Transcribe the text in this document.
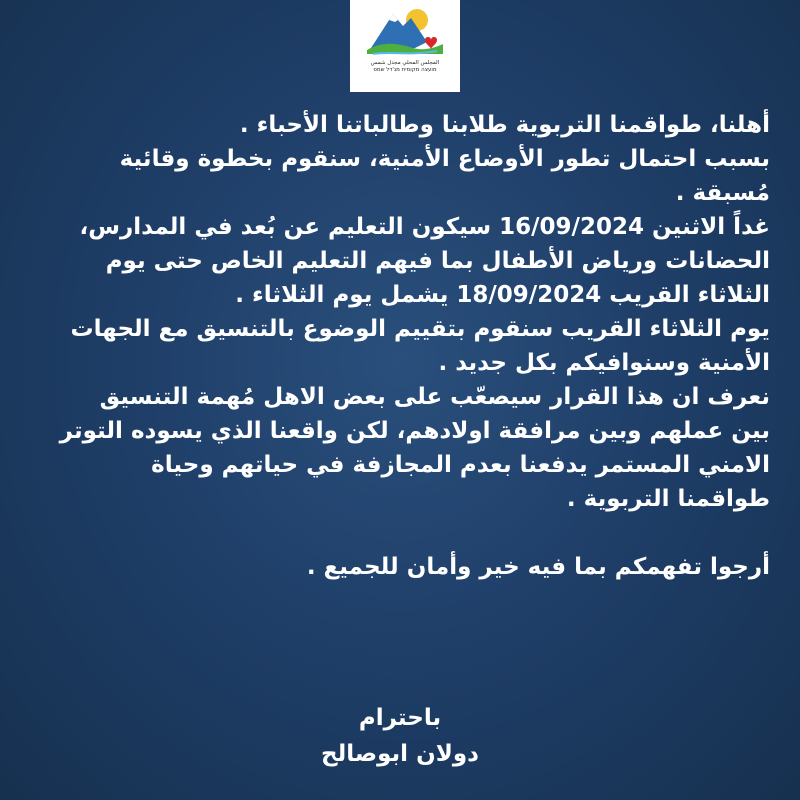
المجلس المحلي مجدل شمس
מועצה מקומית מג'דל שמס
أهلنا، طواقمنا التربوية طلابنا وطالباتنا الأحباء .
بسبب احتمال تطور الأوضاع الأمنية، سنقوم بخطوة وقائية
مُسبقة .
غداً الاثنين 16/09/2024 سيكون التعليم عن بُعد في المدارس،
الحضانات ورياض الأطفال بما فيهم التعليم الخاص حتى يوم
الثلاثاء القريب 18/09/2024 يشمل يوم الثلاثاء .
يوم الثلاثاء القريب سنقوم بتقييم الوضوع بالتنسيق مع الجهات
الأمنية وسنوافيكم بكل جديد .
نعرف ان هذا القرار سيصعّب على بعض الاهل مُهمة التنسيق
بين عملهم وبين مرافقة اولادهم، لكن واقعنا الذي يسوده التوتر
الامني المستمر يدفعنا بعدم المجازفة في حياتهم وحياة
طواقمنا التربوية .
أرجوا تفهمكم بما فيه خير وأمان للجميع .
باحترام
دولان ابوصالح
